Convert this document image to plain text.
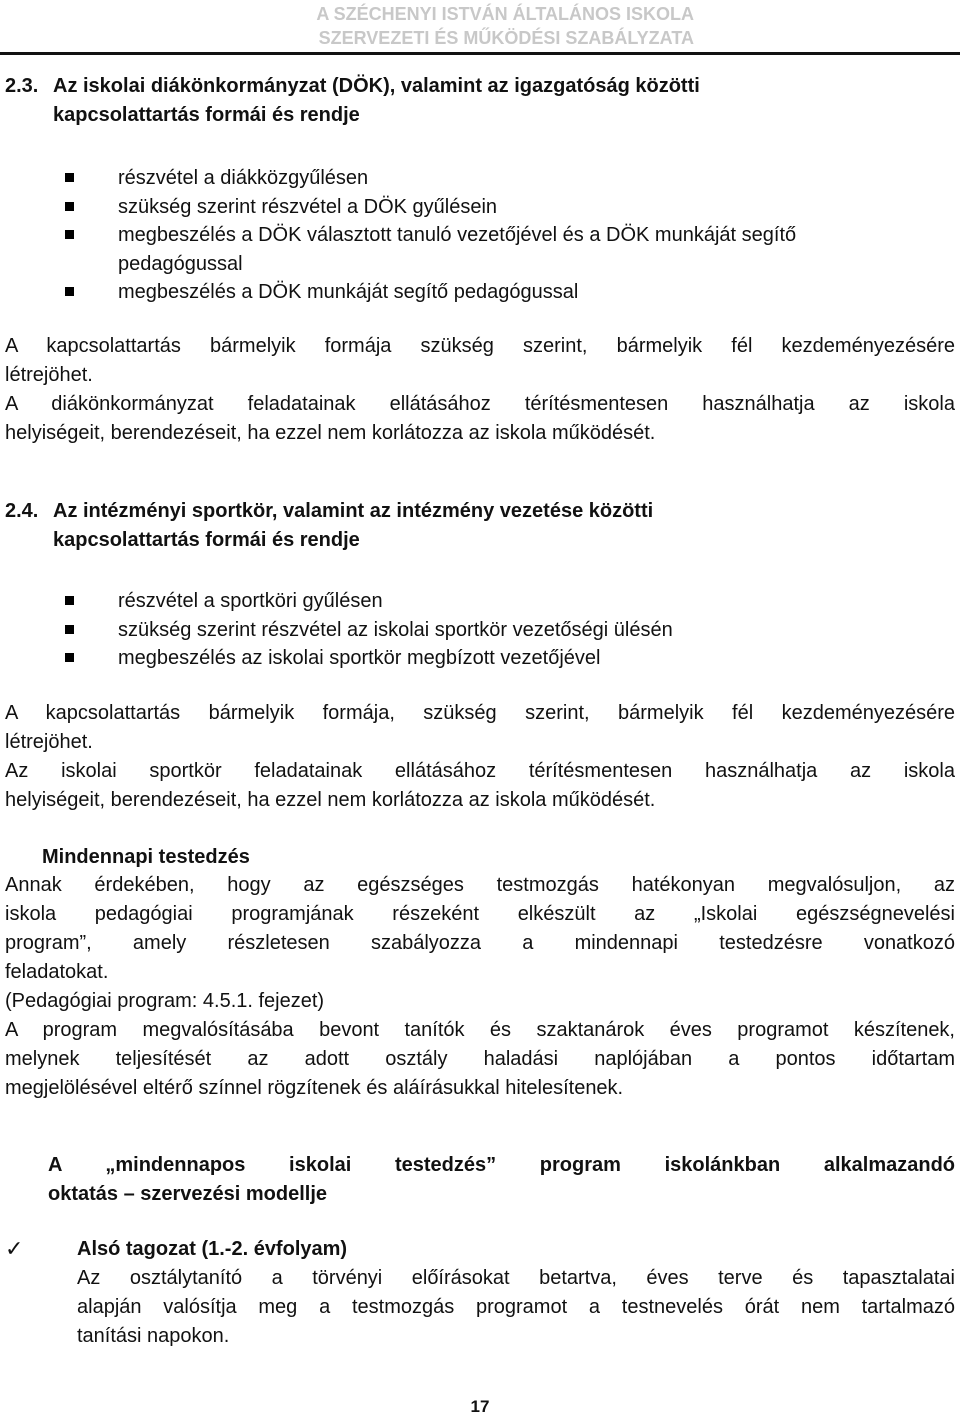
A SZÉCHENYI ISTVÁN ÁLTALÁNOS ISKOLA
SZERVEZETI ÉS MŰKÖDÉSI SZABÁLYZATA
2.3. Az iskolai diákönkormányzat (DÖK), valamint az igazgatóság közötti
kapcsolattartás formái és rendje
részvétel a diákközgyűlésen
szükség szerint részvétel a DÖK gyűlésein
megbeszélés a DÖK választott tanuló vezetőjével és a DÖK munkáját segítő
pedagógussal
megbeszélés a DÖK munkáját segítő pedagógussal
A kapcsolattartás bármelyik formája szükség szerint, bármelyik fél kezdeményezésére
létrejöhet.
A diákönkormányzat feladatainak ellátásához térítésmentesen használhatja az iskola
helyiségeit, berendezéseit, ha ezzel nem korlátozza az iskola működését.
2.4. Az intézményi sportkör, valamint az intézmény vezetése közötti
kapcsolattartás formái és rendje
részvétel a sportköri gyűlésen
szükség szerint részvétel az iskolai sportkör vezetőségi ülésén
megbeszélés az iskolai sportkör megbízott vezetőjével
A kapcsolattartás bármelyik formája, szükség szerint, bármelyik fél kezdeményezésére
létrejöhet.
Az iskolai sportkör feladatainak ellátásához térítésmentesen használhatja az iskola
helyiségeit, berendezéseit, ha ezzel nem korlátozza az iskola működését.
Mindennapi testedzés
Annak érdekében, hogy az egészséges testmozgás hatékonyan megvalósuljon, az
iskola pedagógiai programjának részeként elkészült az „Iskolai egészségnevelési
program”, amely részletesen szabályozza a mindennapi testedzésre vonatkozó
feladatokat.
(Pedagógiai program: 4.5.1. fejezet)
A program megvalósításába bevont tanítók és szaktanárok éves programot készítenek,
melynek teljesítését az adott osztály haladási naplójában a pontos időtartam
megjelölésével eltérő színnel rögzítenek és aláírásukkal hitelesítenek.
A „mindennapos iskolai testedzés” program iskolánkban alkalmazandó
oktatás – szervezési modellje
✓	Alsó tagozat (1.-2. évfolyam)
Az osztálytanító a törvényi előírásokat betartva, éves terve és tapasztalatai
alapján valósítja meg a testmozgás programot a testnevelés órát nem tartalmazó
tanítási napokon.
17
